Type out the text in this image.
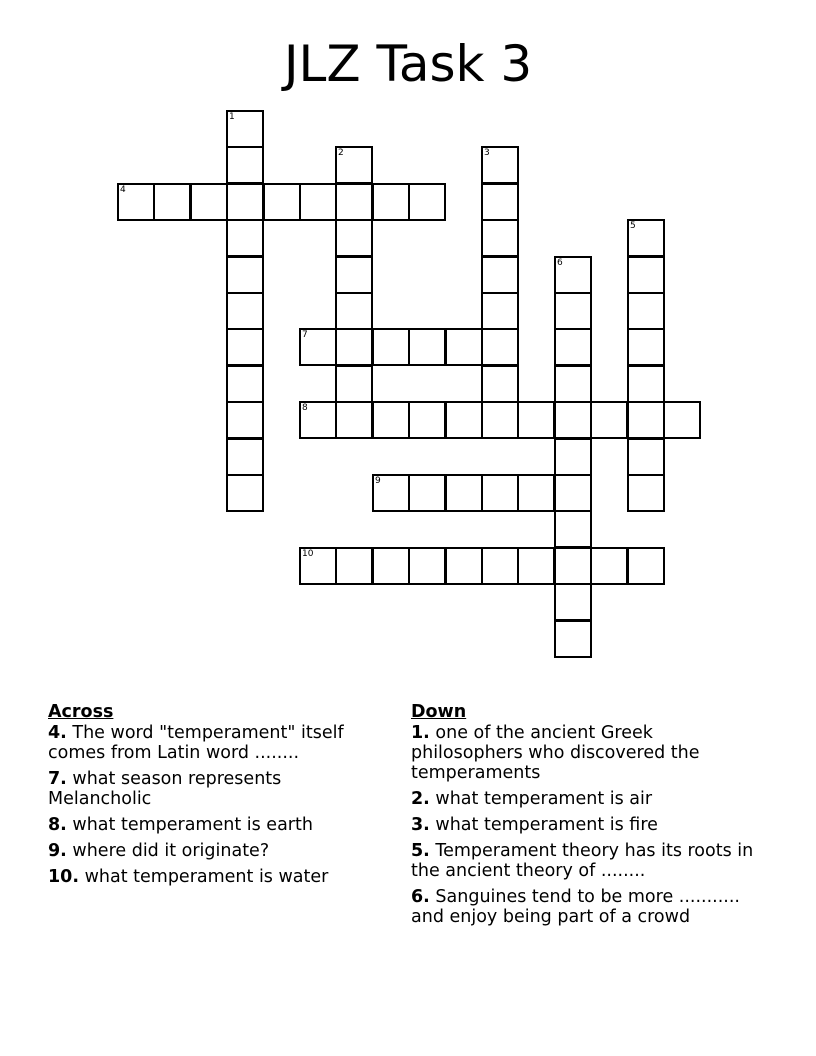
JLZ Task 3
1
2	3
4
5
6
7
8
9
10
Across
4. The word "temperament" itself comes from Latin word ........
7. what season represents Melancholic
8. what temperament is earth
9. where did it originate?
10. what temperament is water
Down
1. one of the ancient Greek philosophers who discovered the temperaments
2. what temperament is air
3. what temperament is fire
5. Temperament theory has its roots in the ancient theory of ........
6. Sanguines tend to be more ........... and enjoy being part of a crowd
